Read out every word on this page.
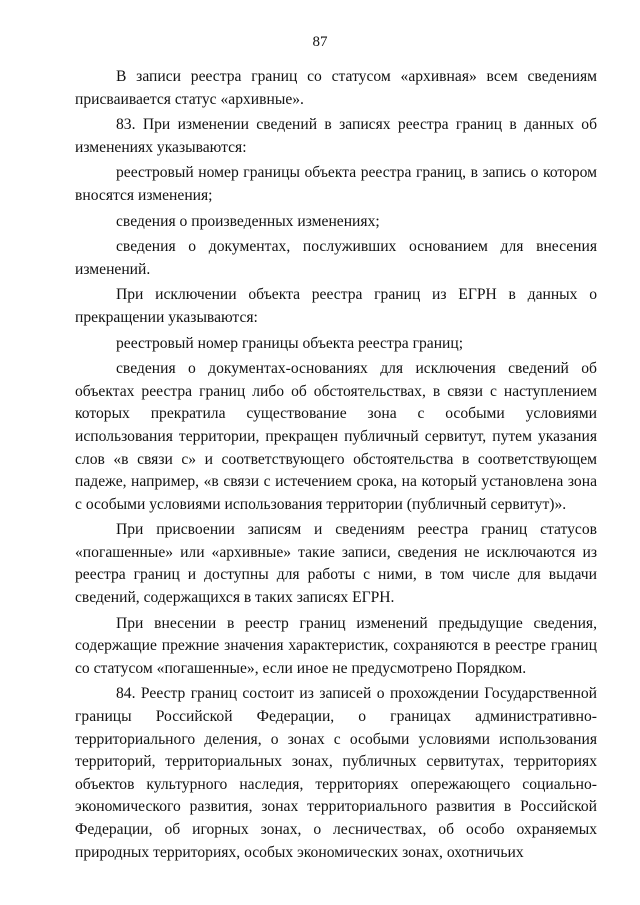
87

В записи реестра границ со статусом «архивная» всем сведениям присваивается статус «архивные».

83. При изменении сведений в записях реестра границ в данных об изменениях указываются:

реестровый номер границы объекта реестра границ, в запись о котором вносятся изменения;

сведения о произведенных изменениях;

сведения о документах, послуживших основанием для внесения изменений.

При исключении объекта реестра границ из ЕГРН в данных о прекращении указываются:

реестровый номер границы объекта реестра границ;

сведения о документах-основаниях для исключения сведений об объектах реестра границ либо об обстоятельствах, в связи с наступлением которых прекратила существование зона с особыми условиями использования территории, прекращен публичный сервитут, путем указания слов «в связи с» и соответствующего обстоятельства в соответствующем падеже, например, «в связи с истечением срока, на который установлена зона с особыми условиями использования территории (публичный сервитут)».

При присвоении записям и сведениям реестра границ статусов «погашенные» или «архивные» такие записи, сведения не исключаются из реестра границ и доступны для работы с ними, в том числе для выдачи сведений, содержащихся в таких записях ЕГРН.

При внесении в реестр границ изменений предыдущие сведения, содержащие прежние значения характеристик, сохраняются в реестре границ со статусом «погашенные», если иное не предусмотрено Порядком.

84. Реестр границ состоит из записей о прохождении Государственной границы Российской Федерации, о границах административно-территориального деления, о зонах с особыми условиями использования территорий, территориальных зонах, публичных сервитутах, территориях объектов культурного наследия, территориях опережающего социально-экономического развития, зонах территориального развития в Российской Федерации, об игорных зонах, о лесничествах, об особо охраняемых природных территориях, особых экономических зонах, охотничьих
